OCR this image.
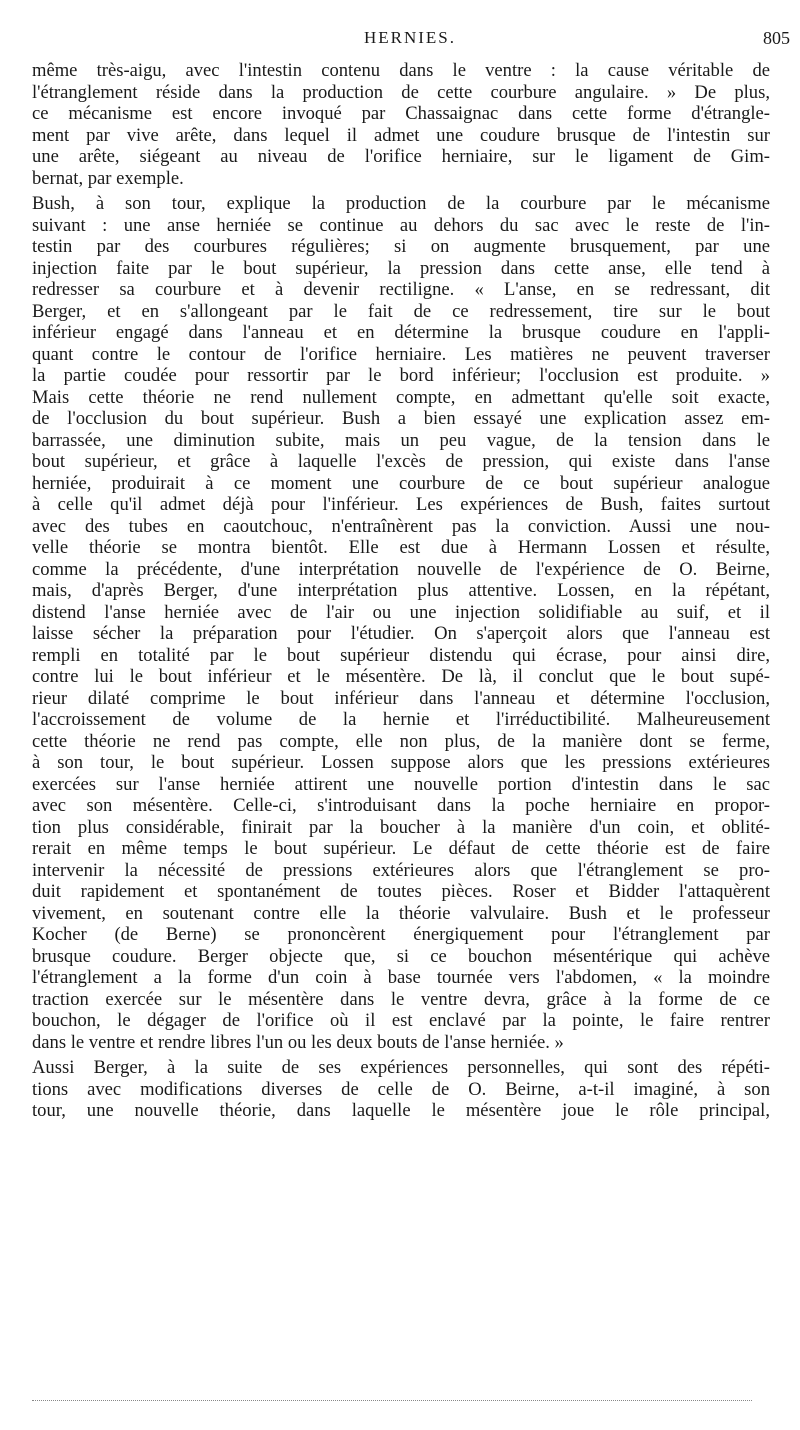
HERNIES.	805

même très-aigu, avec l'intestin contenu dans le ventre : la cause véritable de
l'étranglement réside dans la production de cette courbure angulaire. » De plus,
ce mécanisme est encore invoqué par Chassaignac dans cette forme d'étrangle-
ment par vive arête, dans lequel il admet une coudure brusque de l'intestin sur
une arête, siégeant au niveau de l'orifice herniaire, sur le ligament de Gim-
bernat, par exemple.

Bush, à son tour, explique la production de la courbure par le mécanisme
suivant : une anse herniée se continue au dehors du sac avec le reste de l'in-
testin par des courbures régulières; si on augmente brusquement, par une
injection faite par le bout supérieur, la pression dans cette anse, elle tend à
redresser sa courbure et à devenir rectiligne. « L'anse, en se redressant, dit
Berger, et en s'allongeant par le fait de ce redressement, tire sur le bout
inférieur engagé dans l'anneau et en détermine la brusque coudure en l'appli-
quant contre le contour de l'orifice herniaire. Les matières ne peuvent traverser
la partie coudée pour ressortir par le bord inférieur; l'occlusion est produite. »
Mais cette théorie ne rend nullement compte, en admettant qu'elle soit exacte,
de l'occlusion du bout supérieur. Bush a bien essayé une explication assez em-
barrassée, une diminution subite, mais un peu vague, de la tension dans le
bout supérieur, et grâce à laquelle l'excès de pression, qui existe dans l'anse
herniée, produirait à ce moment une courbure de ce bout supérieur analogue
à celle qu'il admet déjà pour l'inférieur. Les expériences de Bush, faites surtout
avec des tubes en caoutchouc, n'entraînèrent pas la conviction. Aussi une nou-
velle théorie se montra bientôt. Elle est due à Hermann Lossen et résulte,
comme la précédente, d'une interprétation nouvelle de l'expérience de O. Beirne,
mais, d'après Berger, d'une interprétation plus attentive. Lossen, en la répétant,
distend l'anse herniée avec de l'air ou une injection solidifiable au suif, et il
laisse sécher la préparation pour l'étudier. On s'aperçoit alors que l'anneau est
rempli en totalité par le bout supérieur distendu qui écrase, pour ainsi dire,
contre lui le bout inférieur et le mésentère. De là, il conclut que le bout supé-
rieur dilaté comprime le bout inférieur dans l'anneau et détermine l'occlusion,
l'accroissement de volume de la hernie et l'irréductibilité. Malheureusement
cette théorie ne rend pas compte, elle non plus, de la manière dont se ferme,
à son tour, le bout supérieur. Lossen suppose alors que les pressions extérieures
exercées sur l'anse herniée attirent une nouvelle portion d'intestin dans le sac
avec son mésentère. Celle-ci, s'introduisant dans la poche herniaire en propor-
tion plus considérable, finirait par la boucher à la manière d'un coin, et oblité-
rerait en même temps le bout supérieur. Le défaut de cette théorie est de faire
intervenir la nécessité de pressions extérieures alors que l'étranglement se pro-
duit rapidement et spontanément de toutes pièces. Roser et Bidder l'attaquèrent
vivement, en soutenant contre elle la théorie valvulaire. Bush et le professeur
Kocher (de Berne) se prononcèrent énergiquement pour l'étranglement par
brusque coudure. Berger objecte que, si ce bouchon mésentérique qui achève
l'étranglement a la forme d'un coin à base tournée vers l'abdomen, « la moindre
traction exercée sur le mésentère dans le ventre devra, grâce à la forme de ce
bouchon, le dégager de l'orifice où il est enclavé par la pointe, le faire rentrer
dans le ventre et rendre libres l'un ou les deux bouts de l'anse herniée. »

Aussi Berger, à la suite de ses expériences personnelles, qui sont des répéti-
tions avec modifications diverses de celle de O. Beirne, a-t-il imaginé, à son
tour, une nouvelle théorie, dans laquelle le mésentère joue le rôle principal,
